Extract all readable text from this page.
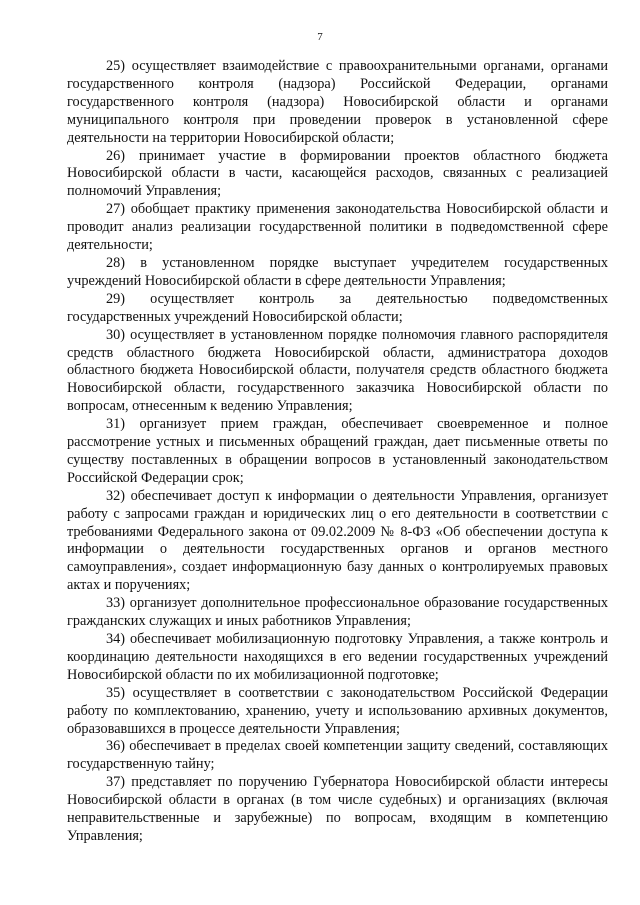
7

25) осуществляет взаимодействие с правоохранительными органами, органами государственного контроля (надзора) Российской Федерации, органами государственного контроля (надзора) Новосибирской области и органами муниципального контроля при проведении проверок в установленной сфере деятельности на территории Новосибирской области;

26) принимает участие в формировании проектов областного бюджета Новосибирской области в части, касающейся расходов, связанных с реализацией полномочий Управления;

27) обобщает практику применения законодательства Новосибирской области и проводит анализ реализации государственной политики в подведомственной сфере деятельности;

28) в установленном порядке выступает учредителем государственных учреждений Новосибирской области в сфере деятельности Управления;

29) осуществляет контроль за деятельностью подведомственных государственных учреждений Новосибирской области;

30) осуществляет в установленном порядке полномочия главного распорядителя средств областного бюджета Новосибирской области, администратора доходов областного бюджета Новосибирской области, получателя средств областного бюджета Новосибирской области, государственного заказчика Новосибирской области по вопросам, отнесенным к ведению Управления;

31) организует прием граждан, обеспечивает своевременное и полное рассмотрение устных и письменных обращений граждан, дает письменные ответы по существу поставленных в обращении вопросов в установленный законодательством Российской Федерации срок;

32) обеспечивает доступ к информации о деятельности Управления, организует работу с запросами граждан и юридических лиц о его деятельности в соответствии с требованиями Федерального закона от 09.02.2009 № 8-ФЗ «Об обеспечении доступа к информации о деятельности государственных органов и органов местного самоуправления», создает информационную базу данных о контролируемых правовых актах и поручениях;

33) организует дополнительное профессиональное образование государственных гражданских служащих и иных работников Управления;

34) обеспечивает мобилизационную подготовку Управления, а также контроль и координацию деятельности находящихся в его ведении государственных учреждений Новосибирской области по их мобилизационной подготовке;

35) осуществляет в соответствии с законодательством Российской Федерации работу по комплектованию, хранению, учету и использованию архивных документов, образовавшихся в процессе деятельности Управления;

36) обеспечивает в пределах своей компетенции защиту сведений, составляющих государственную тайну;

37) представляет по поручению Губернатора Новосибирской области интересы Новосибирской области в органах (в том числе судебных) и организациях (включая неправительственные и зарубежные) по вопросам, входящим в компетенцию Управления;
